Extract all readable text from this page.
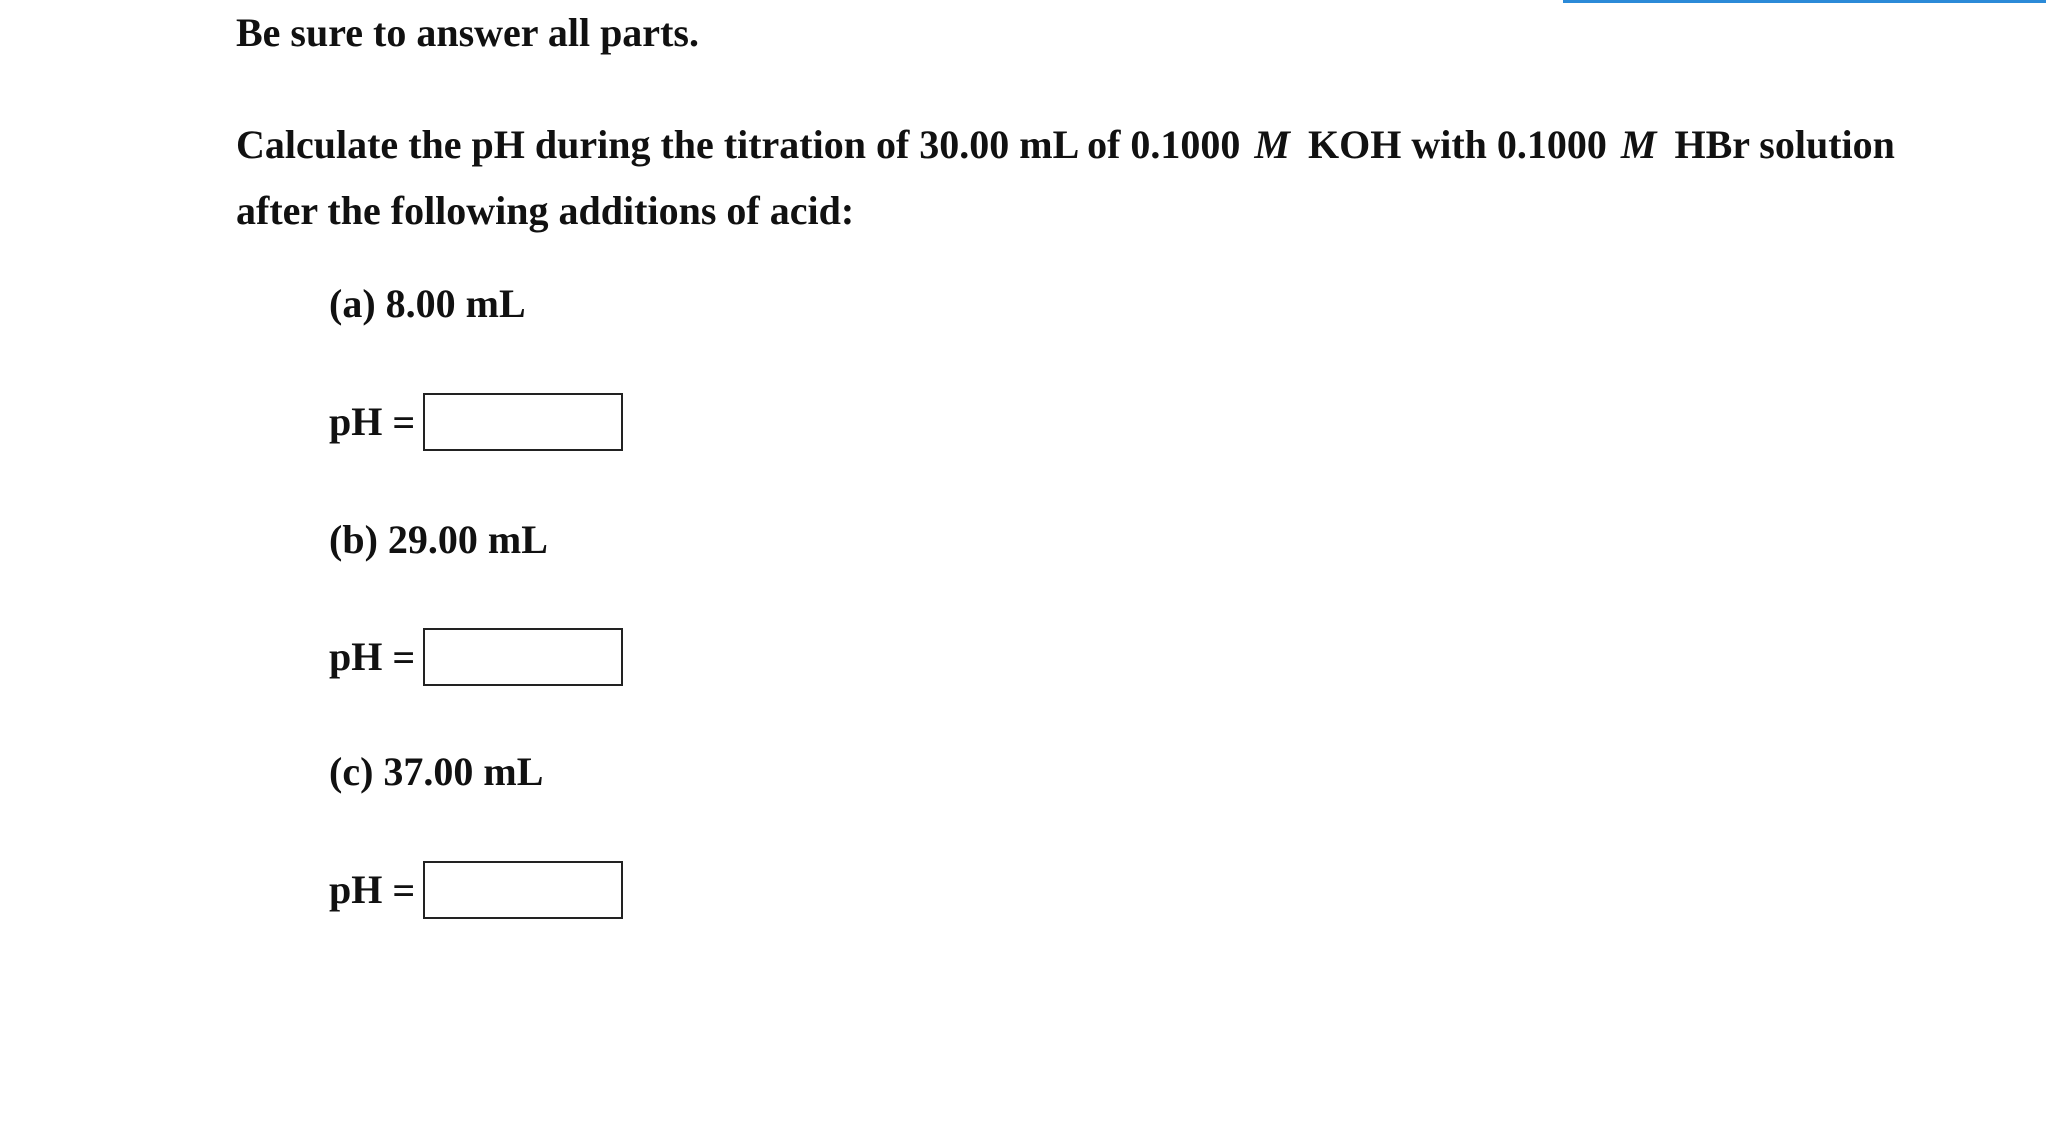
Be sure to answer all parts.
Calculate the pH during the titration of 30.00 mL of 0.1000 M KOH with 0.1000 M HBr solution after the following additions of acid:
(a) 8.00 mL
pH =
(b) 29.00 mL
pH =
(c) 37.00 mL
pH =
